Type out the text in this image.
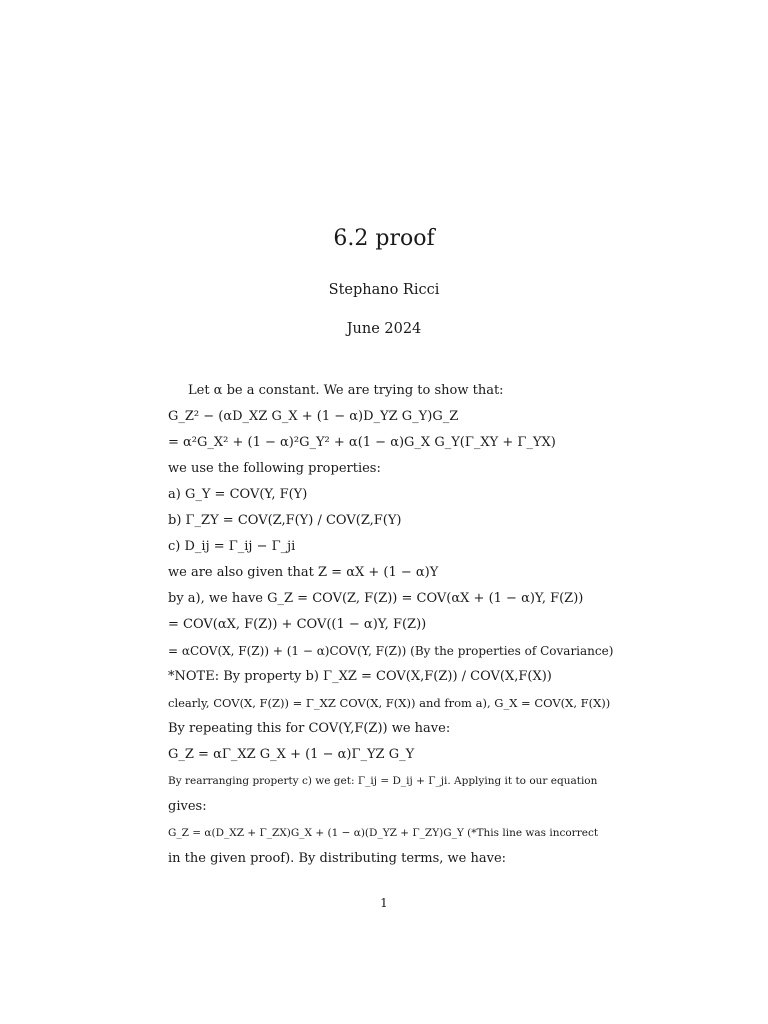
6.2 proof
Stephano Ricci
June 2024
Let α be a constant. We are trying to show that:
G_Z² − (αD_XZ G_X + (1 − α)D_YZ G_Y)G_Z
= α²G_X² + (1 − α)²G_Y² + α(1 − α)G_X G_Y(Γ_XY + Γ_YX)
we use the following properties:
a) G_Y = COV(Y, F(Y)
b) Γ_ZY = COV(Z,F(Y) / COV(Z,F(Y)
c) D_ij = Γ_ij − Γ_ji
we are also given that Z = αX + (1 − α)Y
by a), we have G_Z = COV(Z, F(Z)) = COV(αX + (1 − α)Y, F(Z))
= COV(αX, F(Z)) + COV((1 − α)Y, F(Z))
= αCOV(X, F(Z)) + (1 − α)COV(Y, F(Z)) (By the properties of Covariance)
*NOTE: By property b) Γ_XZ = COV(X,F(Z)) / COV(X,F(X))
clearly, COV(X, F(Z)) = Γ_XZ COV(X, F(X)) and from a), G_X = COV(X, F(X))
By repeating this for COV(Y,F(Z)) we have:
G_Z = αΓ_XZ G_X + (1 − α)Γ_YZ G_Y
By rearranging property c) we get: Γ_ij = D_ij + Γ_ji. Applying it to our equation
gives:
G_Z = α(D_XZ + Γ_ZX)G_X + (1 − α)(D_YZ + Γ_ZY)G_Y (*This line was incorrect
in the given proof). By distributing terms, we have:
1
